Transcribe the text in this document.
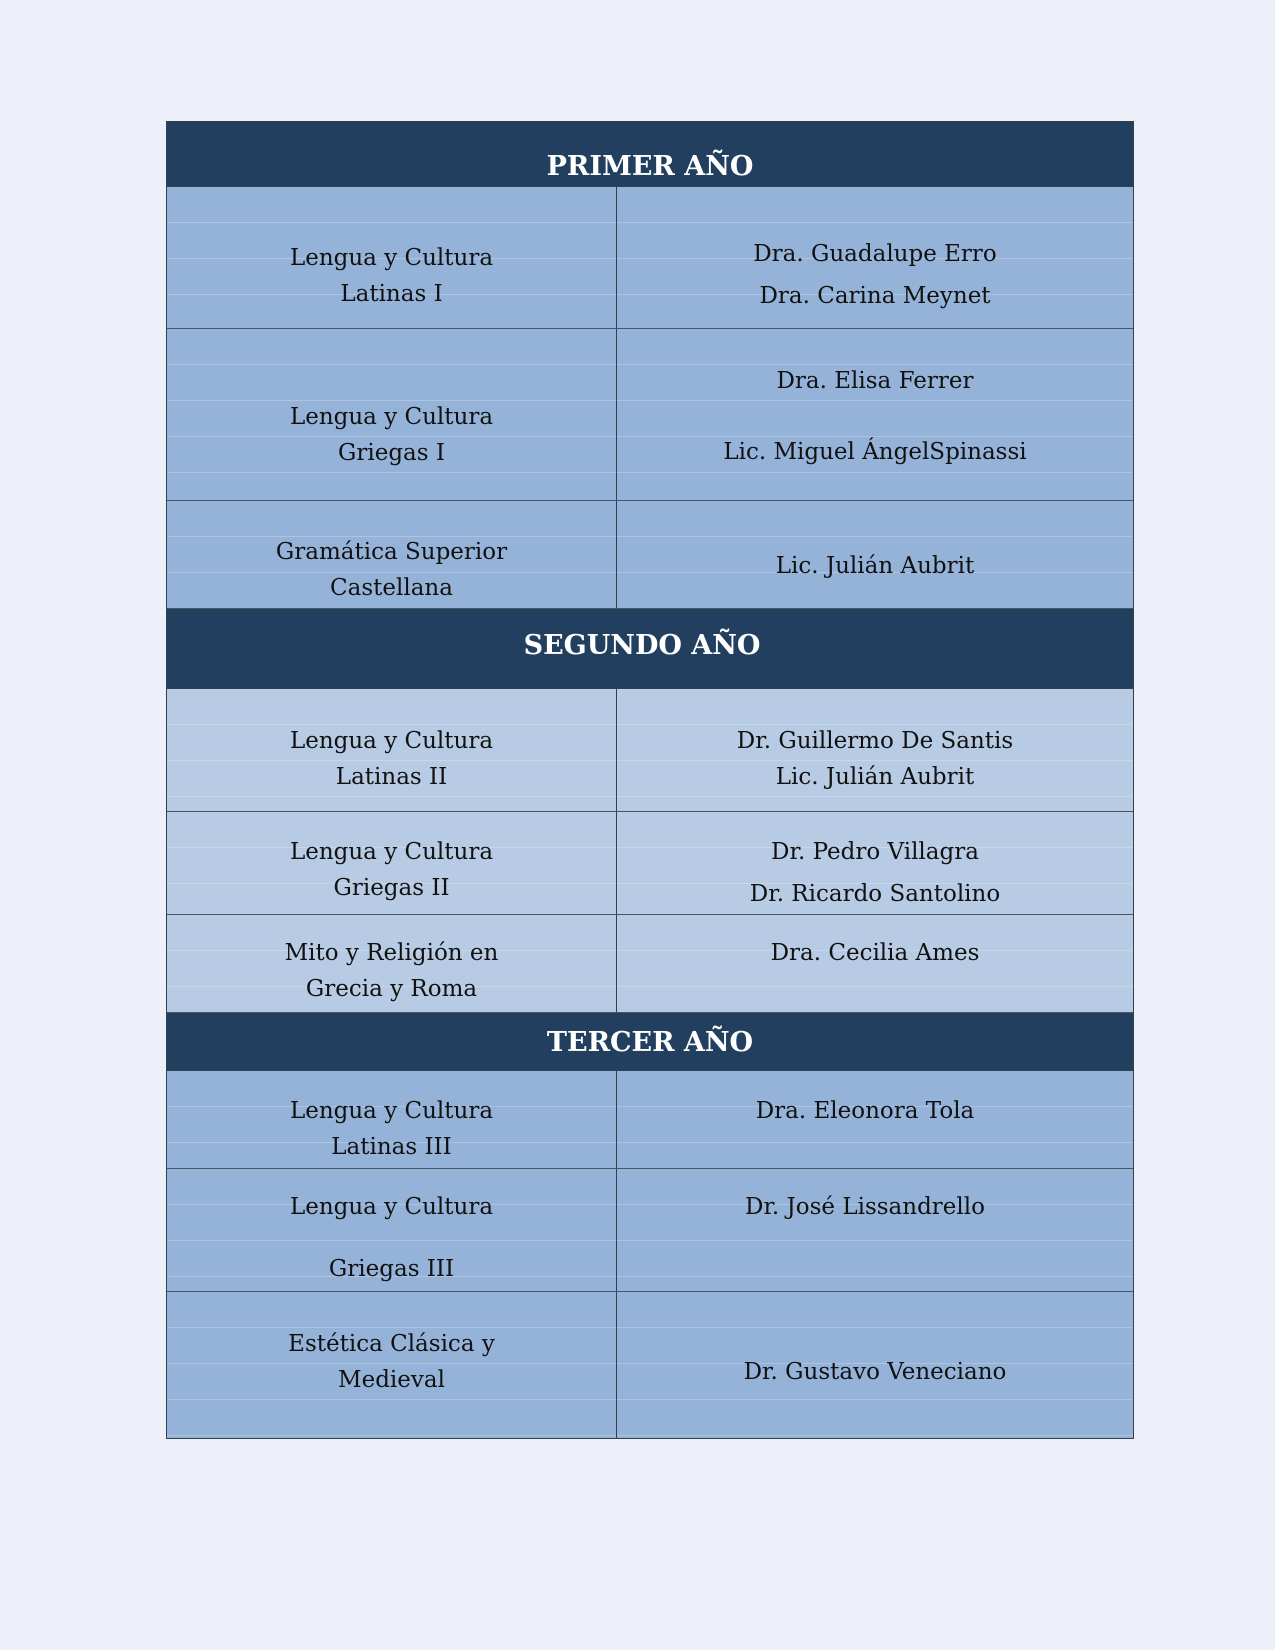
PRIMER AÑO
Lengua y Cultura
Latinas I
Dra. Guadalupe Erro
Dra. Carina Meynet
Lengua y Cultura
Griegas I
Dra. Elisa Ferrer
Lic. Miguel ÁngelSpinassi
Gramática Superior
Castellana
Lic. Julián Aubrit
SEGUNDO AÑO
Lengua y Cultura
Latinas II
Dr. Guillermo De Santis
Lic. Julián Aubrit
Lengua y Cultura
Griegas II
Dr. Pedro Villagra
Dr. Ricardo Santolino
Mito y Religión en
Grecia y Roma
Dra. Cecilia Ames
TERCER AÑO
Lengua y Cultura
Latinas III
Dra. Eleonora Tola
Lengua y Cultura
Griegas III
Dr. José Lissandrello
Estética Clásica y
Medieval	Dr. Gustavo Veneciano
